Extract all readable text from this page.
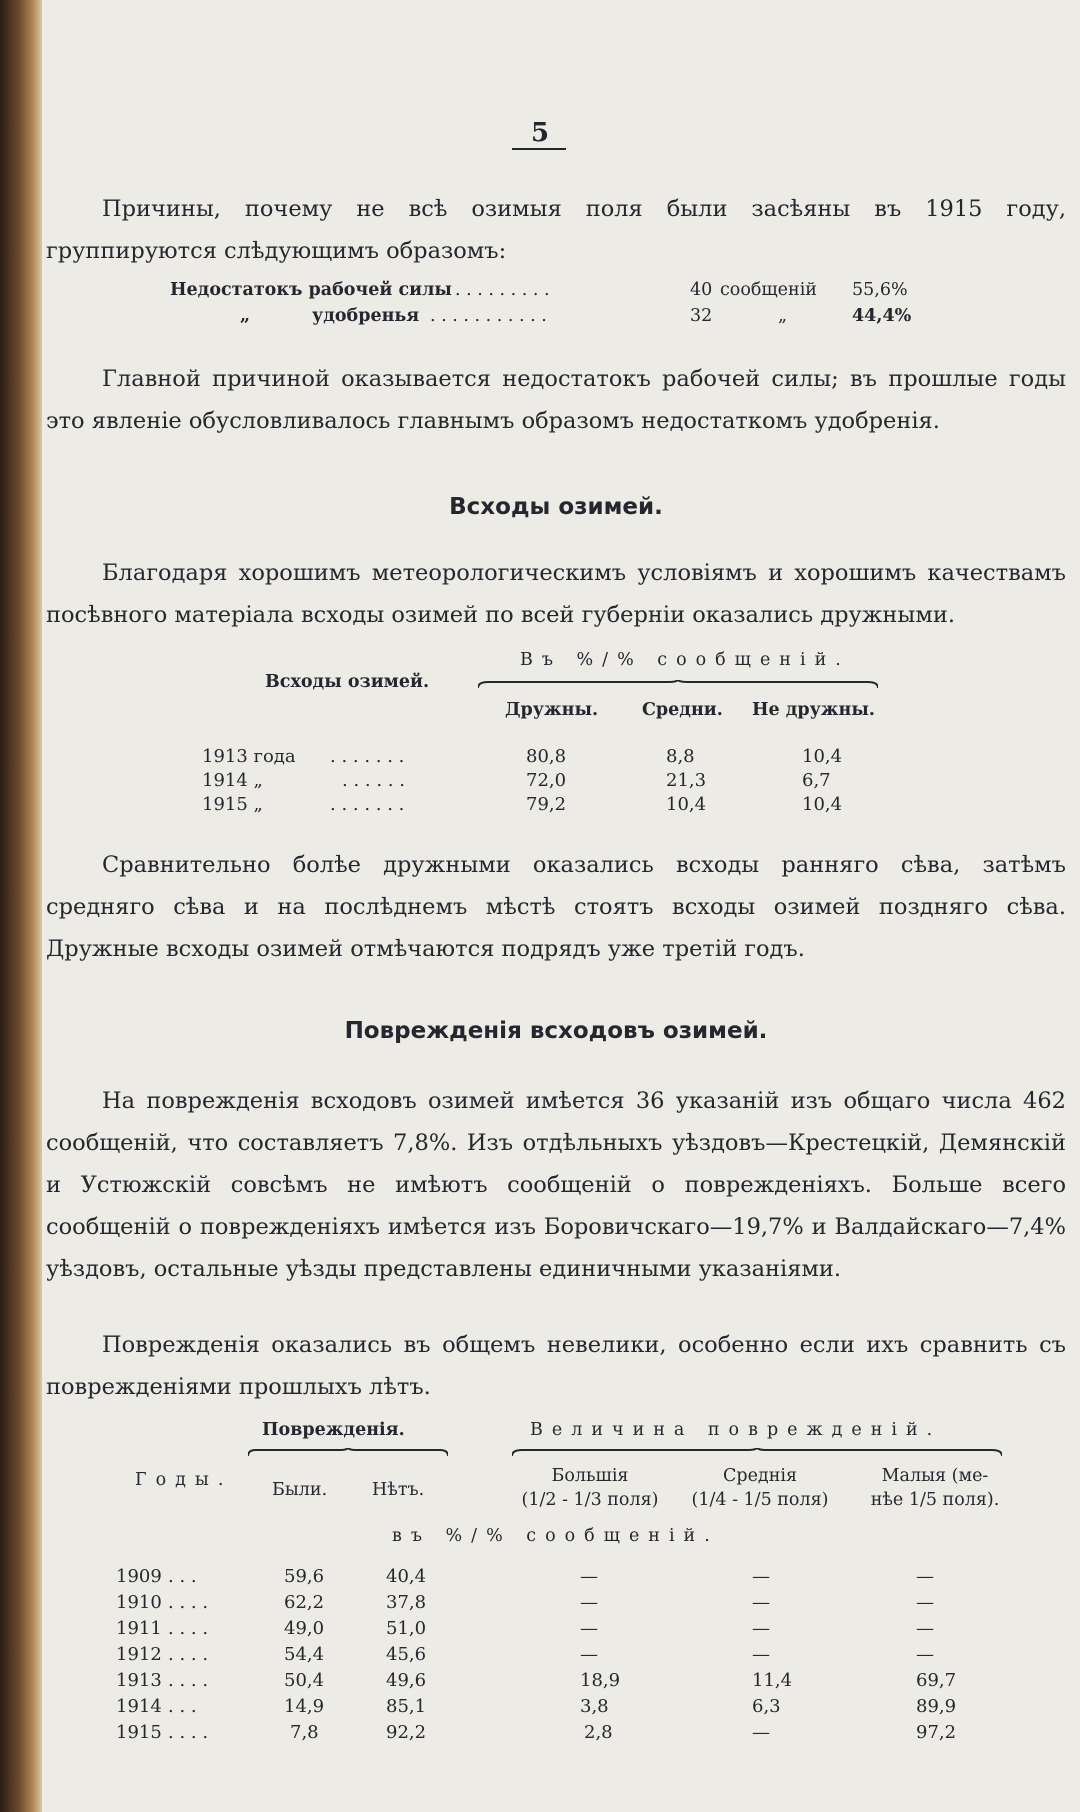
5
Причины, почему не всѣ озимыя поля были засѣяны въ 1915 году, группируются слѣдующимъ образомъ:
Недостатокъ рабочей силы . . . . . . . . .	40 сообщеній 55,6%
„	удобренья . . . . . . . . . . .	32	„	44,4%
Главной причиной оказывается недостатокъ рабочей силы; въ прошлые годы это явленіе обусловливалось главнымъ образомъ недостаткомъ удобренія.
Всходы озимей.
Благодаря хорошимъ метеорологическимъ условіямъ и хорошимъ качествамъ посѣвного матеріала всходы озимей по всей губерніи оказались дружными.
Въ %/% сообщеній.
Всходы озимей.
Дружны.	Средни. Не дружны.
1913 года . . . . . . .	80,8	8,8	10,4
1914 „	. . . . . .	72,0	21,3	6,7
1915 „	. . . . . . .	79,2	10,4	10,4
Сравнительно болѣе дружными оказались всходы ранняго сѣва, затѣмъ средняго сѣва и на послѣднемъ мѣстѣ стоятъ всходы озимей поздняго сѣва. Дружные всходы озимей отмѣчаются подрядъ уже третій годъ.
Поврежденія всходовъ озимей.
На поврежденія всходовъ озимей имѣется 36 указаній изъ общаго числа 462 сообщеній, что составляетъ 7,8%. Изъ отдѣльныхъ уѣздовъ—Крестецкій, Демянскій и Устюжскій совсѣмъ не имѣютъ сообщеній о поврежденіяхъ. Больше всего сообщеній о поврежденіяхъ имѣется изъ Боровичскаго—19,7% и Валдайскаго—7,4% уѣздовъ, остальные уѣзды представлены единичными указаніями.
Поврежденія оказались въ общемъ невелики, особенно если ихъ сравнить съ поврежденіями прошлыхъ лѣтъ.
Поврежденія.	Величина поврежденій.
Годы. Были.	Нѣтъ.
Большія
(1/2 - 1/3 поля)
Среднія
(1/4 - 1/5 поля)
Малыя (ме-
нѣе 1/5 поля).
въ %/% сообщеній.
1909 . . .	59,6	40,4	—	—	—
1910 . . . .	62,2	37,8	—	—	—
1911 . . . .	49,0	51,0	—	—	—
1912 . . . .	54,4	45,6	—	—	—
1913 . . . .	50,4	49,6	18,9	11,4	69,7
1914 . . .	14,9	85,1	3,8	6,3	89,9
1915 . . . .	7,8	92,2	2,8	—	97,2
